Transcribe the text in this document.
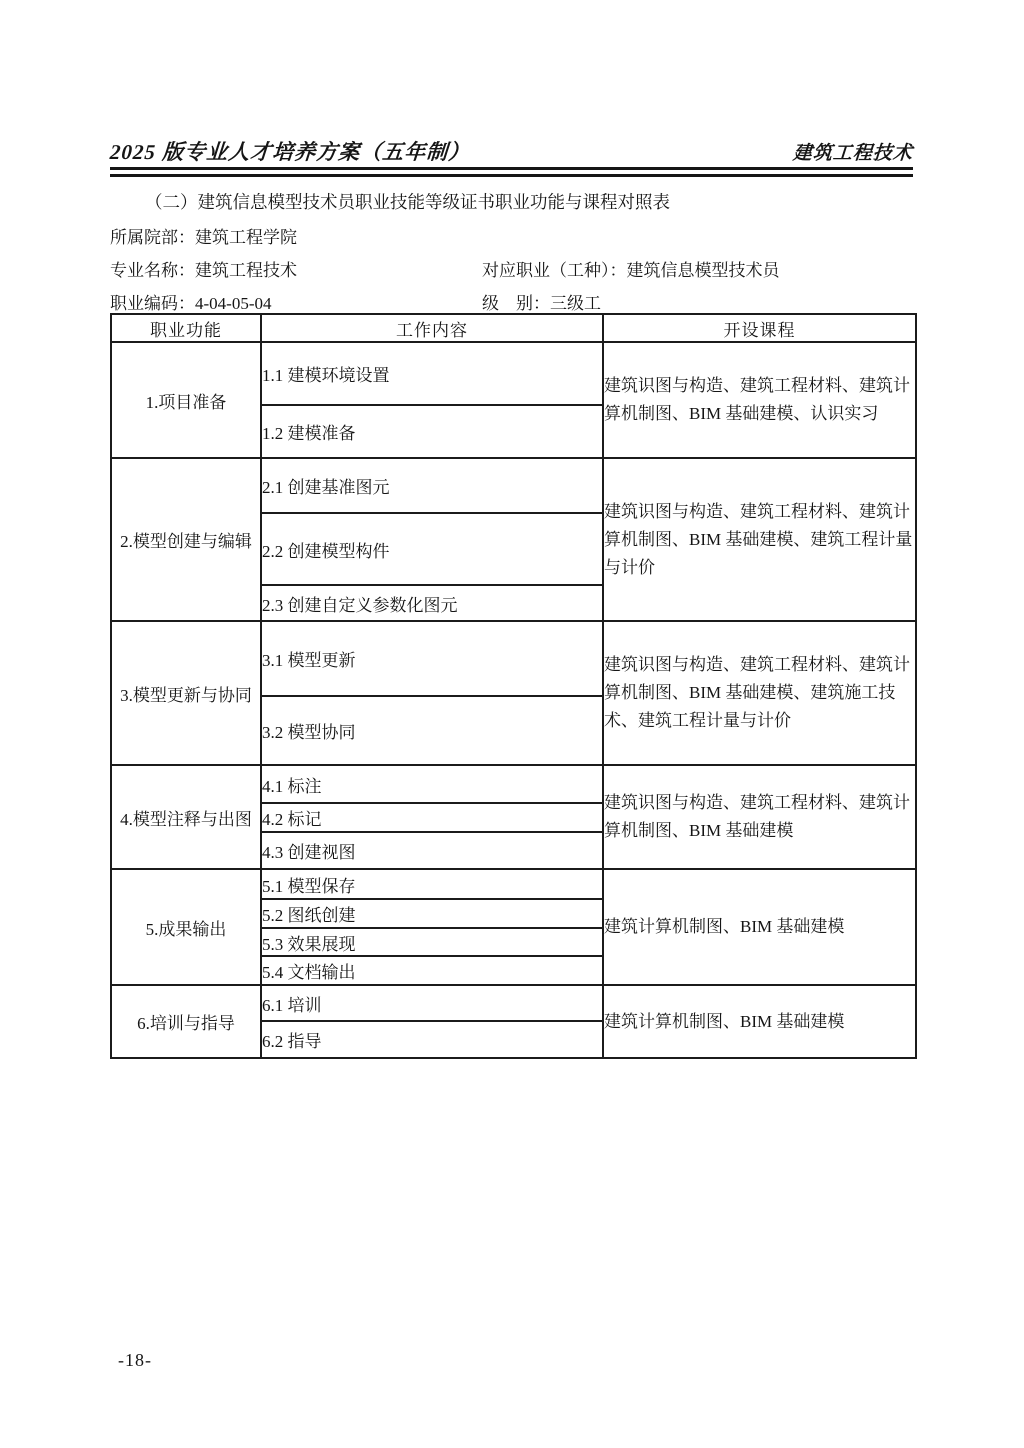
2025 版专业人才培养方案（五年制）	建筑工程技术
（二）建筑信息模型技术员职业技能等级证书职业功能与课程对照表
所属院部：建筑工程学院
专业名称：建筑工程技术	对应职业（工种）：建筑信息模型技术员
职业编码：4-04-05-04	级　别：三级工
职业功能	工作内容	开设课程
1.项目准备	1.1 建模环境设置	建筑识图与构造、建筑工程材料、建筑计算机制图、BIM 基础建模、认识实习
	1.2 建模准备	
2.模型创建与编辑	2.1 创建基准图元	建筑识图与构造、建筑工程材料、建筑计算机制图、BIM 基础建模、建筑工程计量与计价
	2.2 创建模型构件	
	2.3 创建自定义参数化图元	
3.模型更新与协同	3.1 模型更新	建筑识图与构造、建筑工程材料、建筑计算机制图、BIM 基础建模、建筑施工技术、建筑工程计量与计价
	3.2 模型协同	
4.模型注释与出图	4.1 标注	建筑识图与构造、建筑工程材料、建筑计算机制图、BIM 基础建模
	4.2 标记	
	4.3 创建视图	
5.成果输出	5.1 模型保存	建筑计算机制图、BIM 基础建模
	5.2 图纸创建	
	5.3 效果展现	
	5.4 文档输出	
6.培训与指导	6.1 培训	建筑计算机制图、BIM 基础建模
	6.2 指导	
-18-
